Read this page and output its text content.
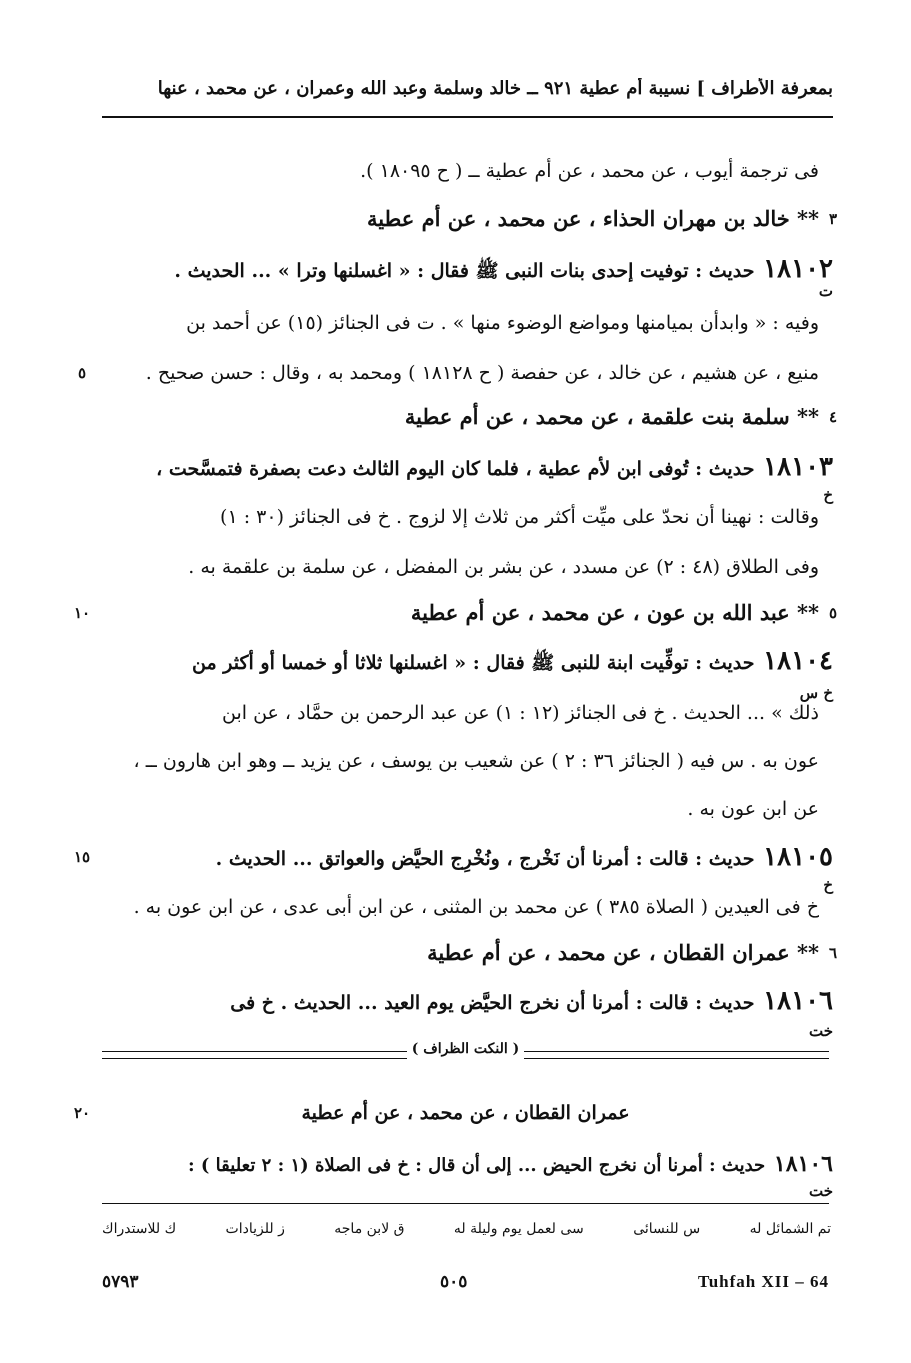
بمعرفة الأطراف ] نسيبة أم عطية ٩٢١ ــ خالد وسلمة وعبد الله وعمران ، عن محمد ، عنها
فى ترجمة أيوب ، عن محمد ، عن أم عطية ــ ( ح ١٨٠٩٥ ).
** خالد بن مهران الحذاء ، عن محمد ، عن أم عطية ٣
١٨١٠٢ حديث : توفيت إحدى بنات النبى ﷺ فقال : « اغسلنها وترا » ... الحديث .
ت
وفيه : « وابدأن بميامنها ومواضع الوضوء منها » . ت فى الجنائز (١٥) عن أحمد بن
منيع ، عن هشيم ، عن خالد ، عن حفصة ( ح ١٨١٢٨ ) ومحمد به ، وقال : حسن صحيح .
٥
** سلمة بنت علقمة ، عن محمد ، عن أم عطية ٤
١٨١٠٣ حديث : تُوفى ابن لأم عطية ، فلما كان اليوم الثالث دعت بصفرة فتمسَّحت ،
خ
وقالت : نهينا أن نحدّ على ميِّت أكثر من ثلاث إلا لزوج . خ فى الجنائز (٣٠ : ١)
وفى الطلاق (٤٨ : ٢) عن مسدد ، عن بشر بن المفضل ، عن سلمة بن علقمة به .
** عبد الله بن عون ، عن محمد ، عن أم عطية ٥
١٠
١٨١٠٤ حديث : توفِّيت ابنة للنبى ﷺ فقال : « اغسلنها ثلاثا أو خمسا أو أكثر من
خ س
ذلك » ... الحديث . خ فى الجنائز (١٢ : ١) عن عبد الرحمن بن حمَّاد ، عن ابن
عون به . س فيه ( الجنائز ٣٦ : ٢ ) عن شعيب بن يوسف ، عن يزيد ــ وهو ابن هارون ــ ،
عن ابن عون به .
١٨١٠٥ حديث : قالت : أمرنا أن نَخْرج ، ونُخْرِج الحيَّض والعواتق ... الحديث .
١٥
خ
خ فى العيدين ( الصلاة ٣٨٥ ) عن محمد بن المثنى ، عن ابن أبى عدى ، عن ابن عون به .
** عمران القطان ، عن محمد ، عن أم عطية ٦
١٨١٠٦ حديث : قالت : أمرنا أن نخرج الحيَّض يوم العيد ... الحديث . خ فى
خت
( النكت الظراف )
عمران القطان ، عن محمد ، عن أم عطية
٢٠
١٨١٠٦ حديث : أمرنا أن نخرج الحيض ... إلى أن قال : خ فى الصلاة (١ : ٢ تعليقا ) :
خت
تم الشمائل له
س للنسائى
سى لعمل يوم وليلة له
ق لابن ماجه
ز للزيادات
ك للاستدراك
٥٧٩٣	٥٠٥	Tuhfah XII – 64
